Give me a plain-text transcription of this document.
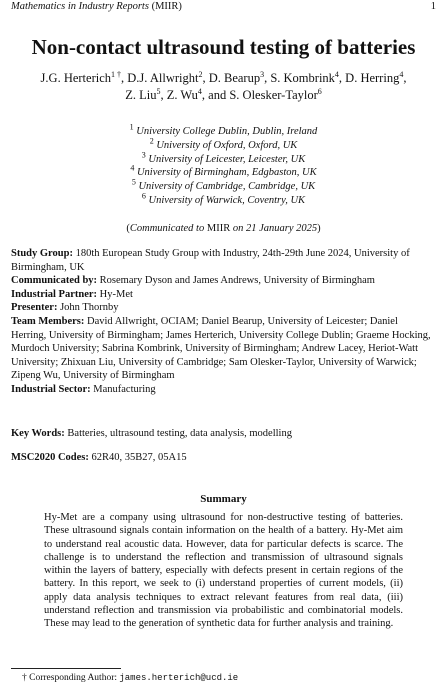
Mathematics in Industry Reports (MIIR)	1
Non-contact ultrasound testing of batteries
J.G. Herterich$^{1 \dagger}$, D.J. Allwright$^2$, D. Bearup$^3$, S. Kombrink$^4$, D. Herring$^4$, Z. Liu$^5$, Z. Wu$^4$, and S. Olesker-Taylor$^6$
$^1$ University College Dublin, Dublin, Ireland
$^2$ University of Oxford, Oxford, UK
$^3$ University of Leicester, Leicester, UK
$^4$ University of Birmingham, Edgbaston, UK
$^5$ University of Cambridge, Cambridge, UK
$^6$ University of Warwick, Coventry, UK
(Communicated to MIIR on 21 January 2025)

Study Group: 180th European Study Group with Industry, 24th-29th June 2024, University of Birmingham, UK

Communicated by: Rosemary Dyson and James Andrews, University of Birmingham

Industrial Partner: Hy-Met

Presenter: John Thornby

Team Members: David Allwright, OCIAM; Daniel Bearup, University of Leicester; Daniel Herring, University of Birmingham; James Herterich, University College Dublin; Graeme Hocking, Murdoch University; Sabrina Kombrink, University of Birmingham; Andrew Lacey, Heriot-Watt University; Zhixuan Liu, University of Cambridge; Sam Olesker-Taylor, University of Warwick; Zipeng Wu, University of Birmingham

Industrial Sector: Manufacturing

Key Words: Batteries, ultrasound testing, data analysis, modelling
MSC2020 Codes: 62R40, 35B27, 05A15
Summary
Hy-Met are a company using ultrasound for non-destructive testing of batteries. These ultrasound signals contain information on the health of a battery. Hy-Met aim to understand real acoustic data. However, data for particular defects is scarce. The challenge is to understand the reflection and transmission of ultrasound signals within the layers of battery, especially with defects present in certain regions of the battery. In this report, we seek to (i) understand properties of current models, (ii) apply data analysis techniques to extract relevant features from real data, (iii) understand reflection and transmission via probabilistic and combinatorial models. These may lead to the generation of synthetic data for further analysis and training.
† Corresponding Author: james.herterich@ucd.ie
